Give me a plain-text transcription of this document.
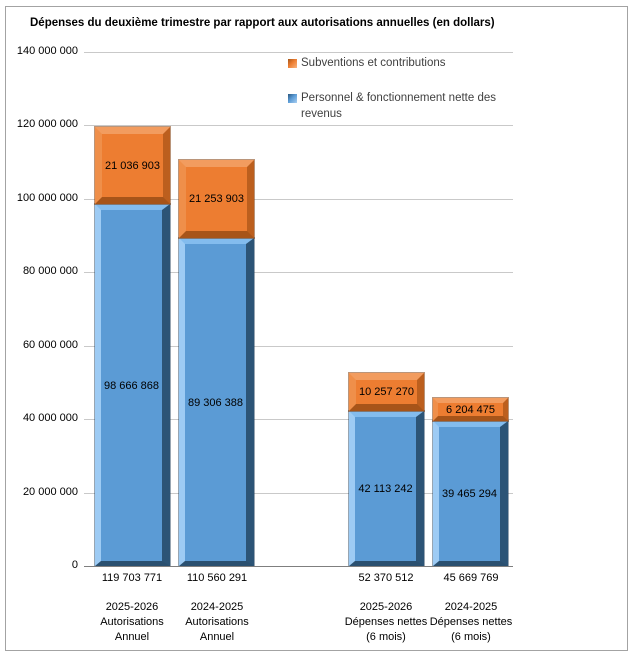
Dépenses du deuxième trimestre par rapport aux autorisations annuelles (en dollars)
Subventions et contributions
Personnel & fonctionnement nette des revenus
0
20 000 000
40 000 000
60 000 000
80 000 000
100 000 000
120 000 000
140 000 000
98 666 868
21 036 903
119 703 771
2025-2026
Autorisations
Annuel
89 306 388
21 253 903
110 560 291
2024-2025
Autorisations
Annuel
42 113 242
10 257 270
52 370 512
2025-2026
Dépenses nettes
(6 mois)
39 465 294
6 204 475
45 669 769
2024-2025
Dépenses nettes
(6 mois)
